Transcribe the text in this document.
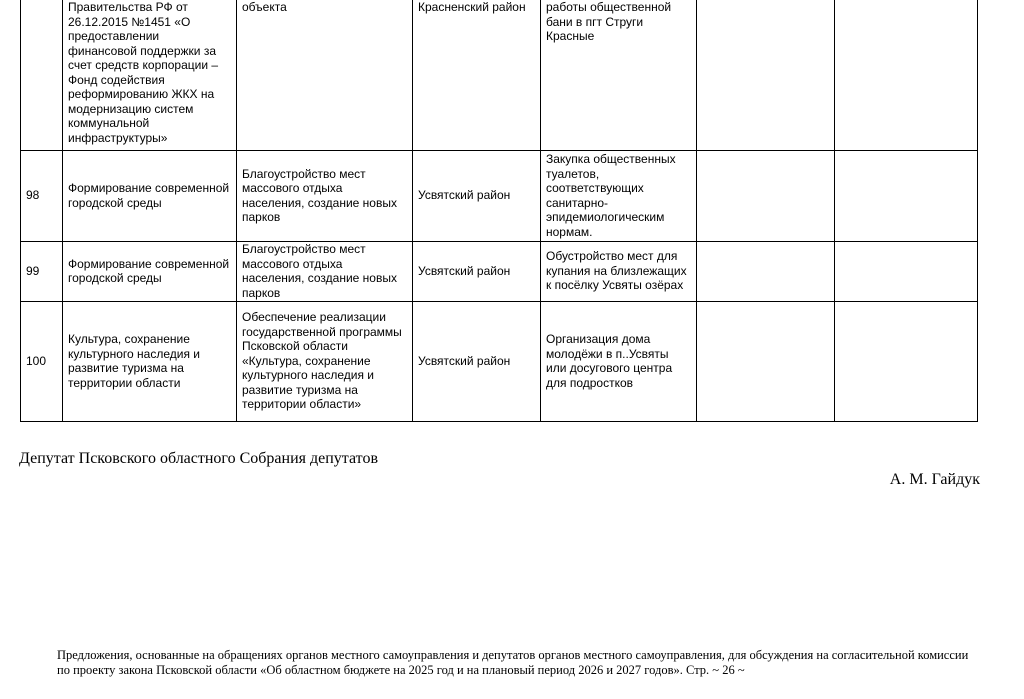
	Правительства РФ от 26.12.2015 №1451 «О предоставлении финансовой поддержки за счет средств корпорации – Фонд содействия реформированию ЖКХ на модернизацию систем коммунальной инфраструктуры»	объекта	Красненский район	работы общественной бани в пгт Струги Красные		
98	Формирование современной городской среды	Благоустройство мест массового отдыха населения, создание новых парков	Усвятский район	Закупка общественных туалетов, соответствующих санитарно-эпидемиологическим нормам.		
99	Формирование современной городской среды	Благоустройство мест массового отдыха населения, создание новых парков	Усвятский район	Обустройство мест для купания на близлежащих к посёлку Усвяты озёрах		
100	Культура, сохранение культурного наследия и развитие туризма на территории области	Обеспечение реализации государственной программы Псковской области «Культура, сохранение культурного наследия и развитие туризма на территории области»	Усвятский район	Организация дома молодёжи в п..Усвяты или досугового центра для подростков		
Депутат Псковского областного Собрания депутатов
А. М. Гайдук
Предложения, основанные на обращениях органов местного самоуправления и депутатов органов местного самоуправления, для обсуждения на согласительной комиссии по проекту закона Псковской области «Об областном бюджете на 2025 год и на плановый период 2026 и 2027 годов». Стр. ~ 26 ~
